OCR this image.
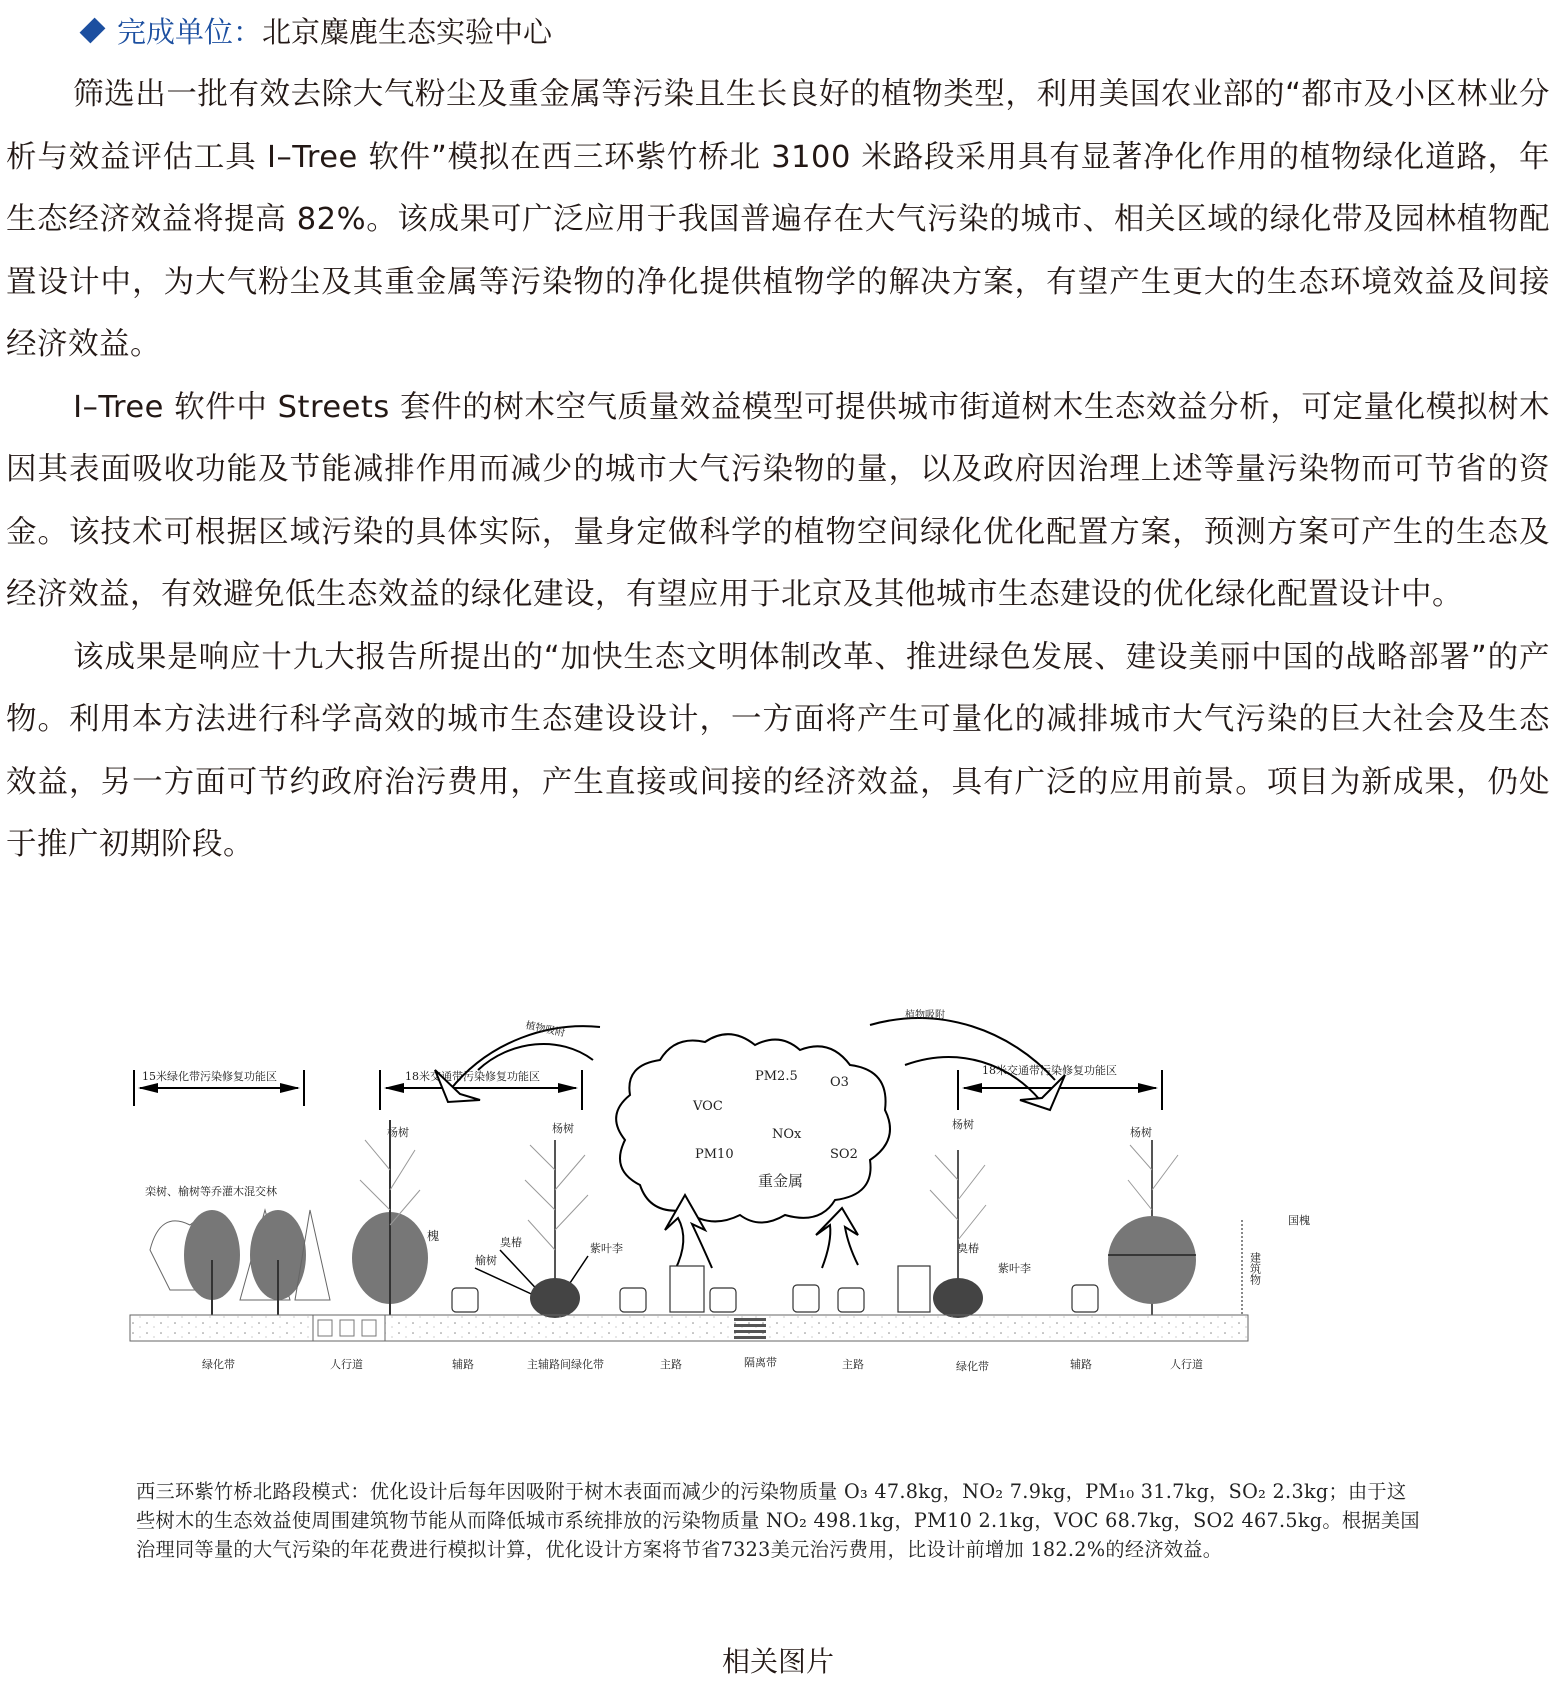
完成单位： 北京麋鹿生态实验中心

筛选出一批有效去除大气粉尘及重金属等污染且生长良好的植物类型，利用美国农业部的“都市及小区林业分析与效益评估工具 I–Tree 软件”模拟在西三环紫竹桥北 3100 米路段采用具有显著净化作用的植物绿化道路，年生态经济效益将提高 82%。该成果可广泛应用于我国普遍存在大气污染的城市、相关区域的绿化带及园林植物配置设计中，为大气粉尘及其重金属等污染物的净化提供植物学的解决方案，有望产生更大的生态环境效益及间接经济效益。

I–Tree 软件中 Streets 套件的树木空气质量效益模型可提供城市街道树木生态效益分析，可定量化模拟树木因其表面吸收功能及节能减排作用而减少的城市大气污染物的量，以及政府因治理上述等量污染物而可节省的资金。该技术可根据区域污染的具体实际，量身定做科学的植物空间绿化优化配置方案，预测方案可产生的生态及经济效益，有效避免低生态效益的绿化建设，有望应用于北京及其他城市生态建设的优化绿化配置设计中。

该成果是响应十九大报告所提出的“加快生态文明体制改革、推进绿色发展、建设美丽中国的战略部署”的产物。利用本方法进行科学高效的城市生态建设设计，一方面将产生可量化的减排城市大气污染的巨大社会及生态效益，另一方面可节约政府治污费用，产生直接或间接的经济效益，具有广泛的应用前景。项目为新成果，仍处于推广初期阶段。

15米绿化带污染修复功能区	18米交通带污染修复功能区	18米交通带污染修复功能区
植物吸附
植物吸附
PM2.5 O3
VOC
NOx
PM10	SO2
重金属
杨树	杨树	杨树
杨树
栾树、榆树等乔灌木混交林
槐
榆树
臭椿	紫叶李	臭椿
紫叶李
国槐
建筑物
绿化带	人行道	辅路	主辅路间绿化带	主路	隔离带	主路	绿化带	辅路	人行道
西三环紫竹桥北路段模式：优化设计后每年因吸附于树木表面而减少的污染物质量 O₃ 47.8kg，NO₂ 7.9kg，PM₁₀ 31.7kg，SO₂ 2.3kg；由于这
些树木的生态效益使周围建筑物节能从而降低城市系统排放的污染物质量 NO₂ 498.1kg，PM10 2.1kg，VOC 68.7kg，SO2 467.5kg。根据美国
治理同等量的大气污染的年花费进行模拟计算，优化设计方案将节省7323美元治污费用，比设计前增加 182.2%的经济效益。
相关图片
